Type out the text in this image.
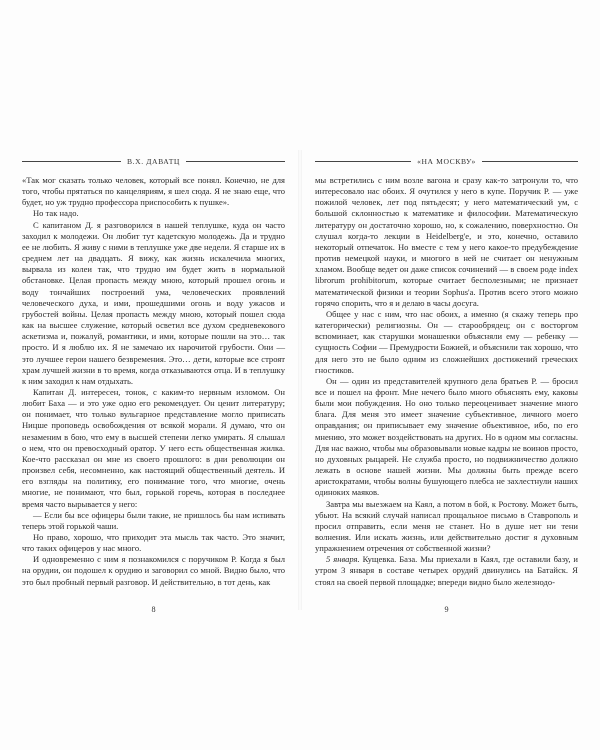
В.Х. ДАВАТЦ

«Так мог сказать только человек, который все понял. Конечно, не для того, чтобы прятаться по канцеляриям, я шел сюда. Я не знаю еще, что будет, но уж трудно профессора приспособить к пушке».

Но так надо.

С капитаном Д. я разговорился в нашей теплушке, куда он часто заходил к молодежи. Он любит тут кадетскую молодежь. Да и трудно ее не любить. Я живу с ними в теплушке уже две недели. Я старше их в среднем лет на двадцать. Я вижу, как жизнь искалечила многих, вырвала из колеи так, что трудно им будет жить в нормальной обстановке. Целая пропасть между мною, который прошел огонь и воду тончайших построений ума, человеческих проявлений человеческого духа, и ими, прошедшими огонь и воду ужасов и грубостей войны. Целая пропасть между мною, который пошел сюда как на высшее служение, который осветил все духом средневекового аскетизма и, пожалуй, романтики, и ими, которые пошли на это… так просто. И я люблю их. Я не замечаю их нарочитой грубости. Они — это лучшее герои нашего безвремения. Это… дети, которые все строят храм лучшей жизни в то время, когда отказываются отца. И в теплушку к ним заходил к нам отдыхать.

Капитан Д. интересен, тонок, с каким-то нервным изломом. Он любит Баха — и это уже одно его рекомендует. Он ценит литературу; он понимает, что только вульгарное представление могло приписать Ницше проповедь освобождения от всякой морали. Я думаю, что он незаменим в бою, что ему в высшей степени легко умирать. Я слышал о нем, что он превосходный оратор. У него есть общественная жилка. Кое-что рассказал он мне из своего прошлого: в дни революции он произвел себя, несомненно, как настоящий общественный деятель. И его взгляды на политику, его понимание того, что многие, очень многие, не понимают, что был, горькой горечь, которая в последнее время часто вырывается у него:

— Если бы все офицеры были такие, не пришлось бы нам испивать теперь этой горькой чаши.

Но право, хорошо, что приходит эта мысль так часто. Это значит, что таких офицеров у нас много.

И одновременно с ним я познакомился с поручиком Р. Когда я был на орудии, он подошел к орудию и заговорил со мной. Видно было, что это был пробный первый разговор. И действительно, в тот день, как

8
«НА МОСКВУ»

мы встретились с ним возле вагона и сразу как-то затронули то, что интересовало нас обоих. Я очутился у него в купе. Поручик Р. — уже пожилой человек, лет под пятьдесят; у него математический ум, с большой склонностью к математике и философии. Математическую литературу он достаточно хорошо, но, к сожалению, поверхностно. Он слушал когда-то лекции в Heidelberg'е, и это, конечно, оставило некоторый отпечаток. Но вместе с тем у него какое-то предубеждение против немецкой науки, и многого в ней не считает он ненужным хламом. Вообще ведет он даже список сочинений — в своем роде index librorum prohibitorum, которые считает бесполезными; не признает математической физики и теории Sophus'а. Против всего этого можно горячо спорить, что я и делаю в часы досуга.

Общее у нас с ним, что нас обоих, а именно (я скажу теперь про категорически) религиозны. Он — старообрядец; он с восторгом вспоминает, как старушки монашенки объясняли ему — ребенку — сущность Софии — Премудрости Божией, и объяснили так хорошо, что для него это не было одним из сложнейших достижений греческих гностиков.

Он — один из представителей крупного дела братьев Р. — бросил все и пошел на фронт. Мне нечего было много объяснять ему, каковы были мои побуждения. Но оно только переоценивает значение много блага. Для меня это имеет значение субъективное, личного моего оправдания; он приписывает ему значение объективное, ибо, по его мнению, это может воздействовать на других. Но в одном мы согласны. Для нас важно, чтобы мы образовывали новые кадры не воинов просто, но духовных рыцарей. Не служба просто, но подвижничество должно лежать в основе нашей жизни. Мы должны быть прежде всего аристократами, чтобы волны бушующего плебса не захлестнули наших одиноких маяков.

Завтра мы выезжаем на Каял, а потом в бой, к Ростову. Может быть, убьют. На всякий случай написал прощальное письмо в Ставрополь и просил отправить, если меня не станет. Но в душе нет ни тени волнения. Или искать жизнь, или действительно достиг я духовным упражнением отречения от собственной жизни?

5 января. Кущевка. База. Мы приехали в Каял, где оставили базу, и утром 3 января в составе четырех орудий двинулись на Батайск. Я стоял на своей первой площадке; впереди видно было железнодо-

9
